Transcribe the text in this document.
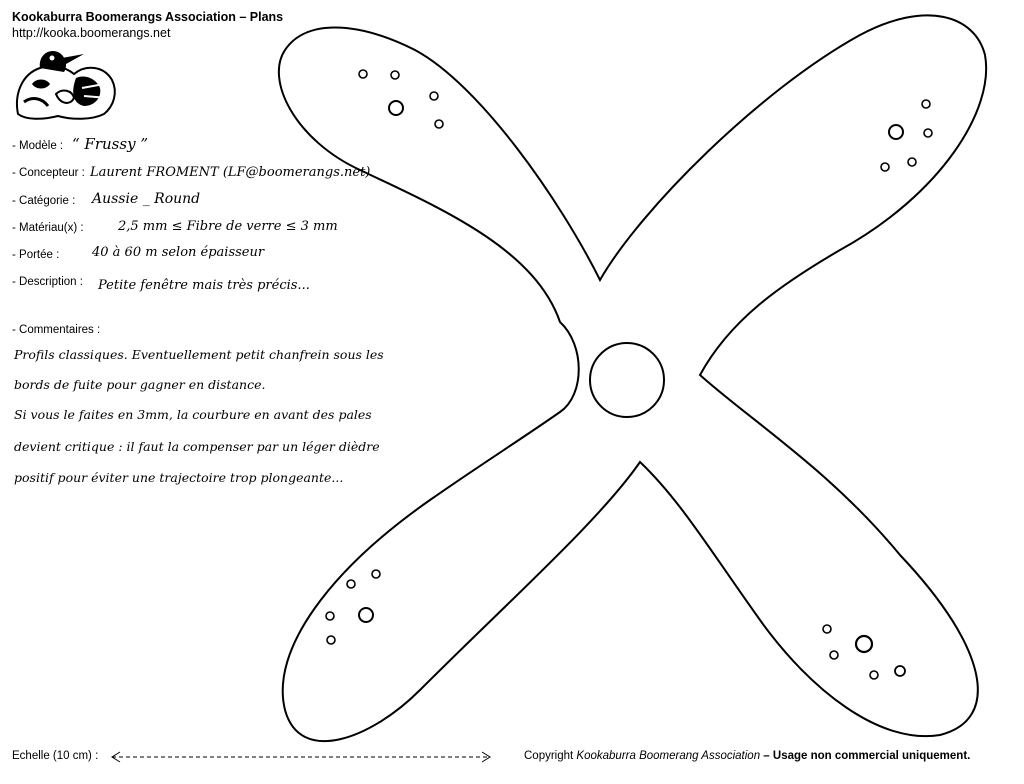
Kookaburra Boomerangs Association – Plans
http://kooka.boomerangs.net
- Modèle : “ Frussy ”
- Concepteur : Laurent FROMENT (LF@boomerangs.net)
- Catégorie : Aussie _ Round
- Matériau(x) :	2,5 mm ≤ Fibre de verre ≤ 3 mm
- Portée :	40 à 60 m selon épaisseur
- Description : Petite fenêtre mais très précis...
- Commentaires :
Profils classiques. Eventuellement petit chanfrein sous les
bords de fuite pour gagner en distance.
Si vous le faites en 3mm, la courbure en avant des pales
devient critique : il faut la compenser par un léger dièdre
positif pour éviter une trajectoire trop plongeante...
Echelle (10 cm) :	Copyright Kookaburra Boomerang Association – Usage non commercial uniquement.
